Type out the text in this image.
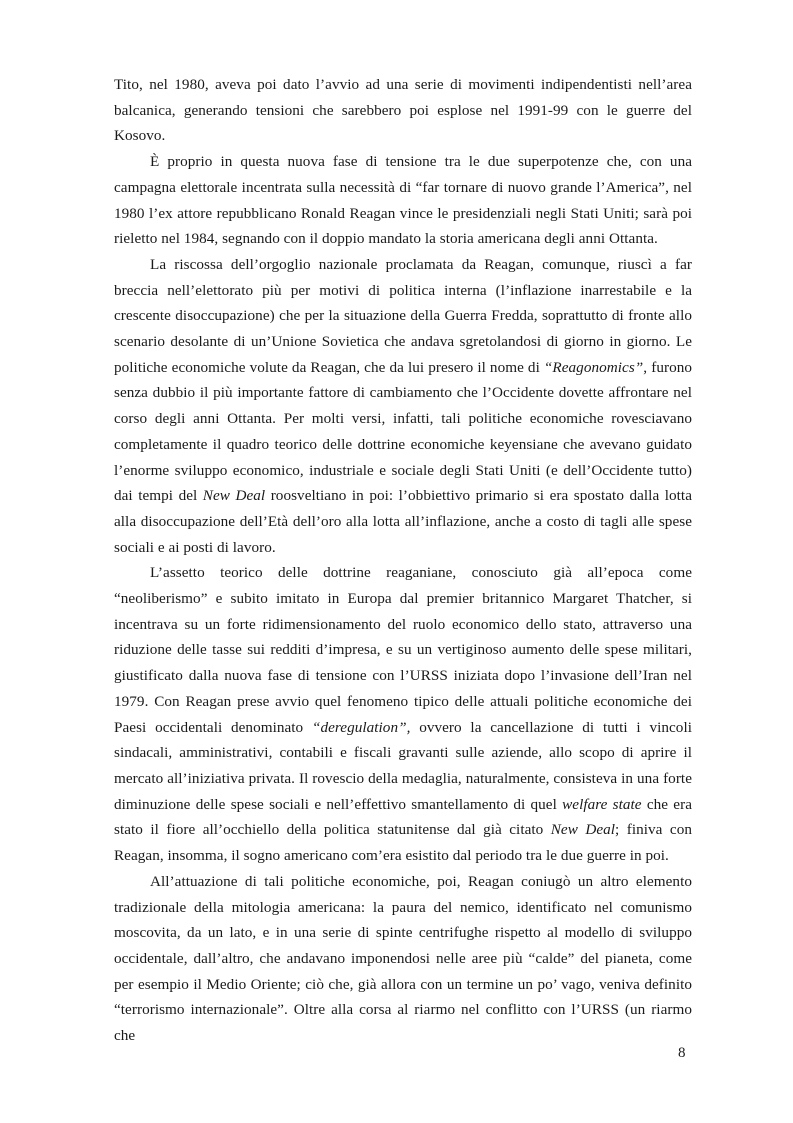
Tito, nel 1980, aveva poi dato l’avvio ad una serie di movimenti indipendentisti nell’area balcanica, generando tensioni che sarebbero poi esplose nel 1991-99 con le guerre del Kosovo.

È proprio in questa nuova fase di tensione tra le due superpotenze che, con una campagna elettorale incentrata sulla necessità di “far tornare di nuovo grande l’America”, nel 1980 l’ex attore repubblicano Ronald Reagan vince le presidenziali negli Stati Uniti; sarà poi rieletto nel 1984, segnando con il doppio mandato la storia americana degli anni Ottanta.

La riscossa dell’orgoglio nazionale proclamata da Reagan, comunque, riuscì a far breccia nell’elettorato più per motivi di politica interna (l’inflazione inarrestabile e la crescente disoccupazione) che per la situazione della Guerra Fredda, soprattutto di fronte allo scenario desolante di un’Unione Sovietica che andava sgretolandosi di giorno in giorno. Le politiche economiche volute da Reagan, che da lui presero il nome di “Reagonomics”, furono senza dubbio il più importante fattore di cambiamento che l’Occidente dovette affrontare nel corso degli anni Ottanta. Per molti versi, infatti, tali politiche economiche rovesciavano completamente il quadro teorico delle dottrine economiche keyensiane che avevano guidato l’enorme sviluppo economico, industriale e sociale degli Stati Uniti (e dell’Occidente tutto) dai tempi del New Deal roosveltiano in poi: l’obbiettivo primario si era spostato dalla lotta alla disoccupazione dell’Età dell’oro alla lotta all’inflazione, anche a costo di tagli alle spese sociali e ai posti di lavoro.

L’assetto teorico delle dottrine reaganiane, conosciuto già all’epoca come “neoliberismo” e subito imitato in Europa dal premier britannico Margaret Thatcher, si incentrava su un forte ridimensionamento del ruolo economico dello stato, attraverso una riduzione delle tasse sui redditi d’impresa, e su un vertiginoso aumento delle spese militari, giustificato dalla nuova fase di tensione con l’URSS iniziata dopo l’invasione dell’Iran nel 1979. Con Reagan prese avvio quel fenomeno tipico delle attuali politiche economiche dei Paesi occidentali denominato “deregulation”, ovvero la cancellazione di tutti i vincoli sindacali, amministrativi, contabili e fiscali gravanti sulle aziende, allo scopo di aprire il mercato all’iniziativa privata. Il rovescio della medaglia, naturalmente, consisteva in una forte diminuzione delle spese sociali e nell’effettivo smantellamento di quel welfare state che era stato il fiore all’occhiello della politica statunitense dal già citato New Deal; finiva con Reagan, insomma, il sogno americano com’era esistito dal periodo tra le due guerre in poi.

All’attuazione di tali politiche economiche, poi, Reagan coniugò un altro elemento tradizionale della mitologia americana: la paura del nemico, identificato nel comunismo moscovita, da un lato, e in una serie di spinte centrifughe rispetto al modello di sviluppo occidentale, dall’altro, che andavano imponendosi nelle aree più “calde” del pianeta, come per esempio il Medio Oriente; ciò che, già allora con un termine un po’ vago, veniva definito “terrorismo internazionale”. Oltre alla corsa al riarmo nel conflitto con l’URSS (un riarmo che

8
